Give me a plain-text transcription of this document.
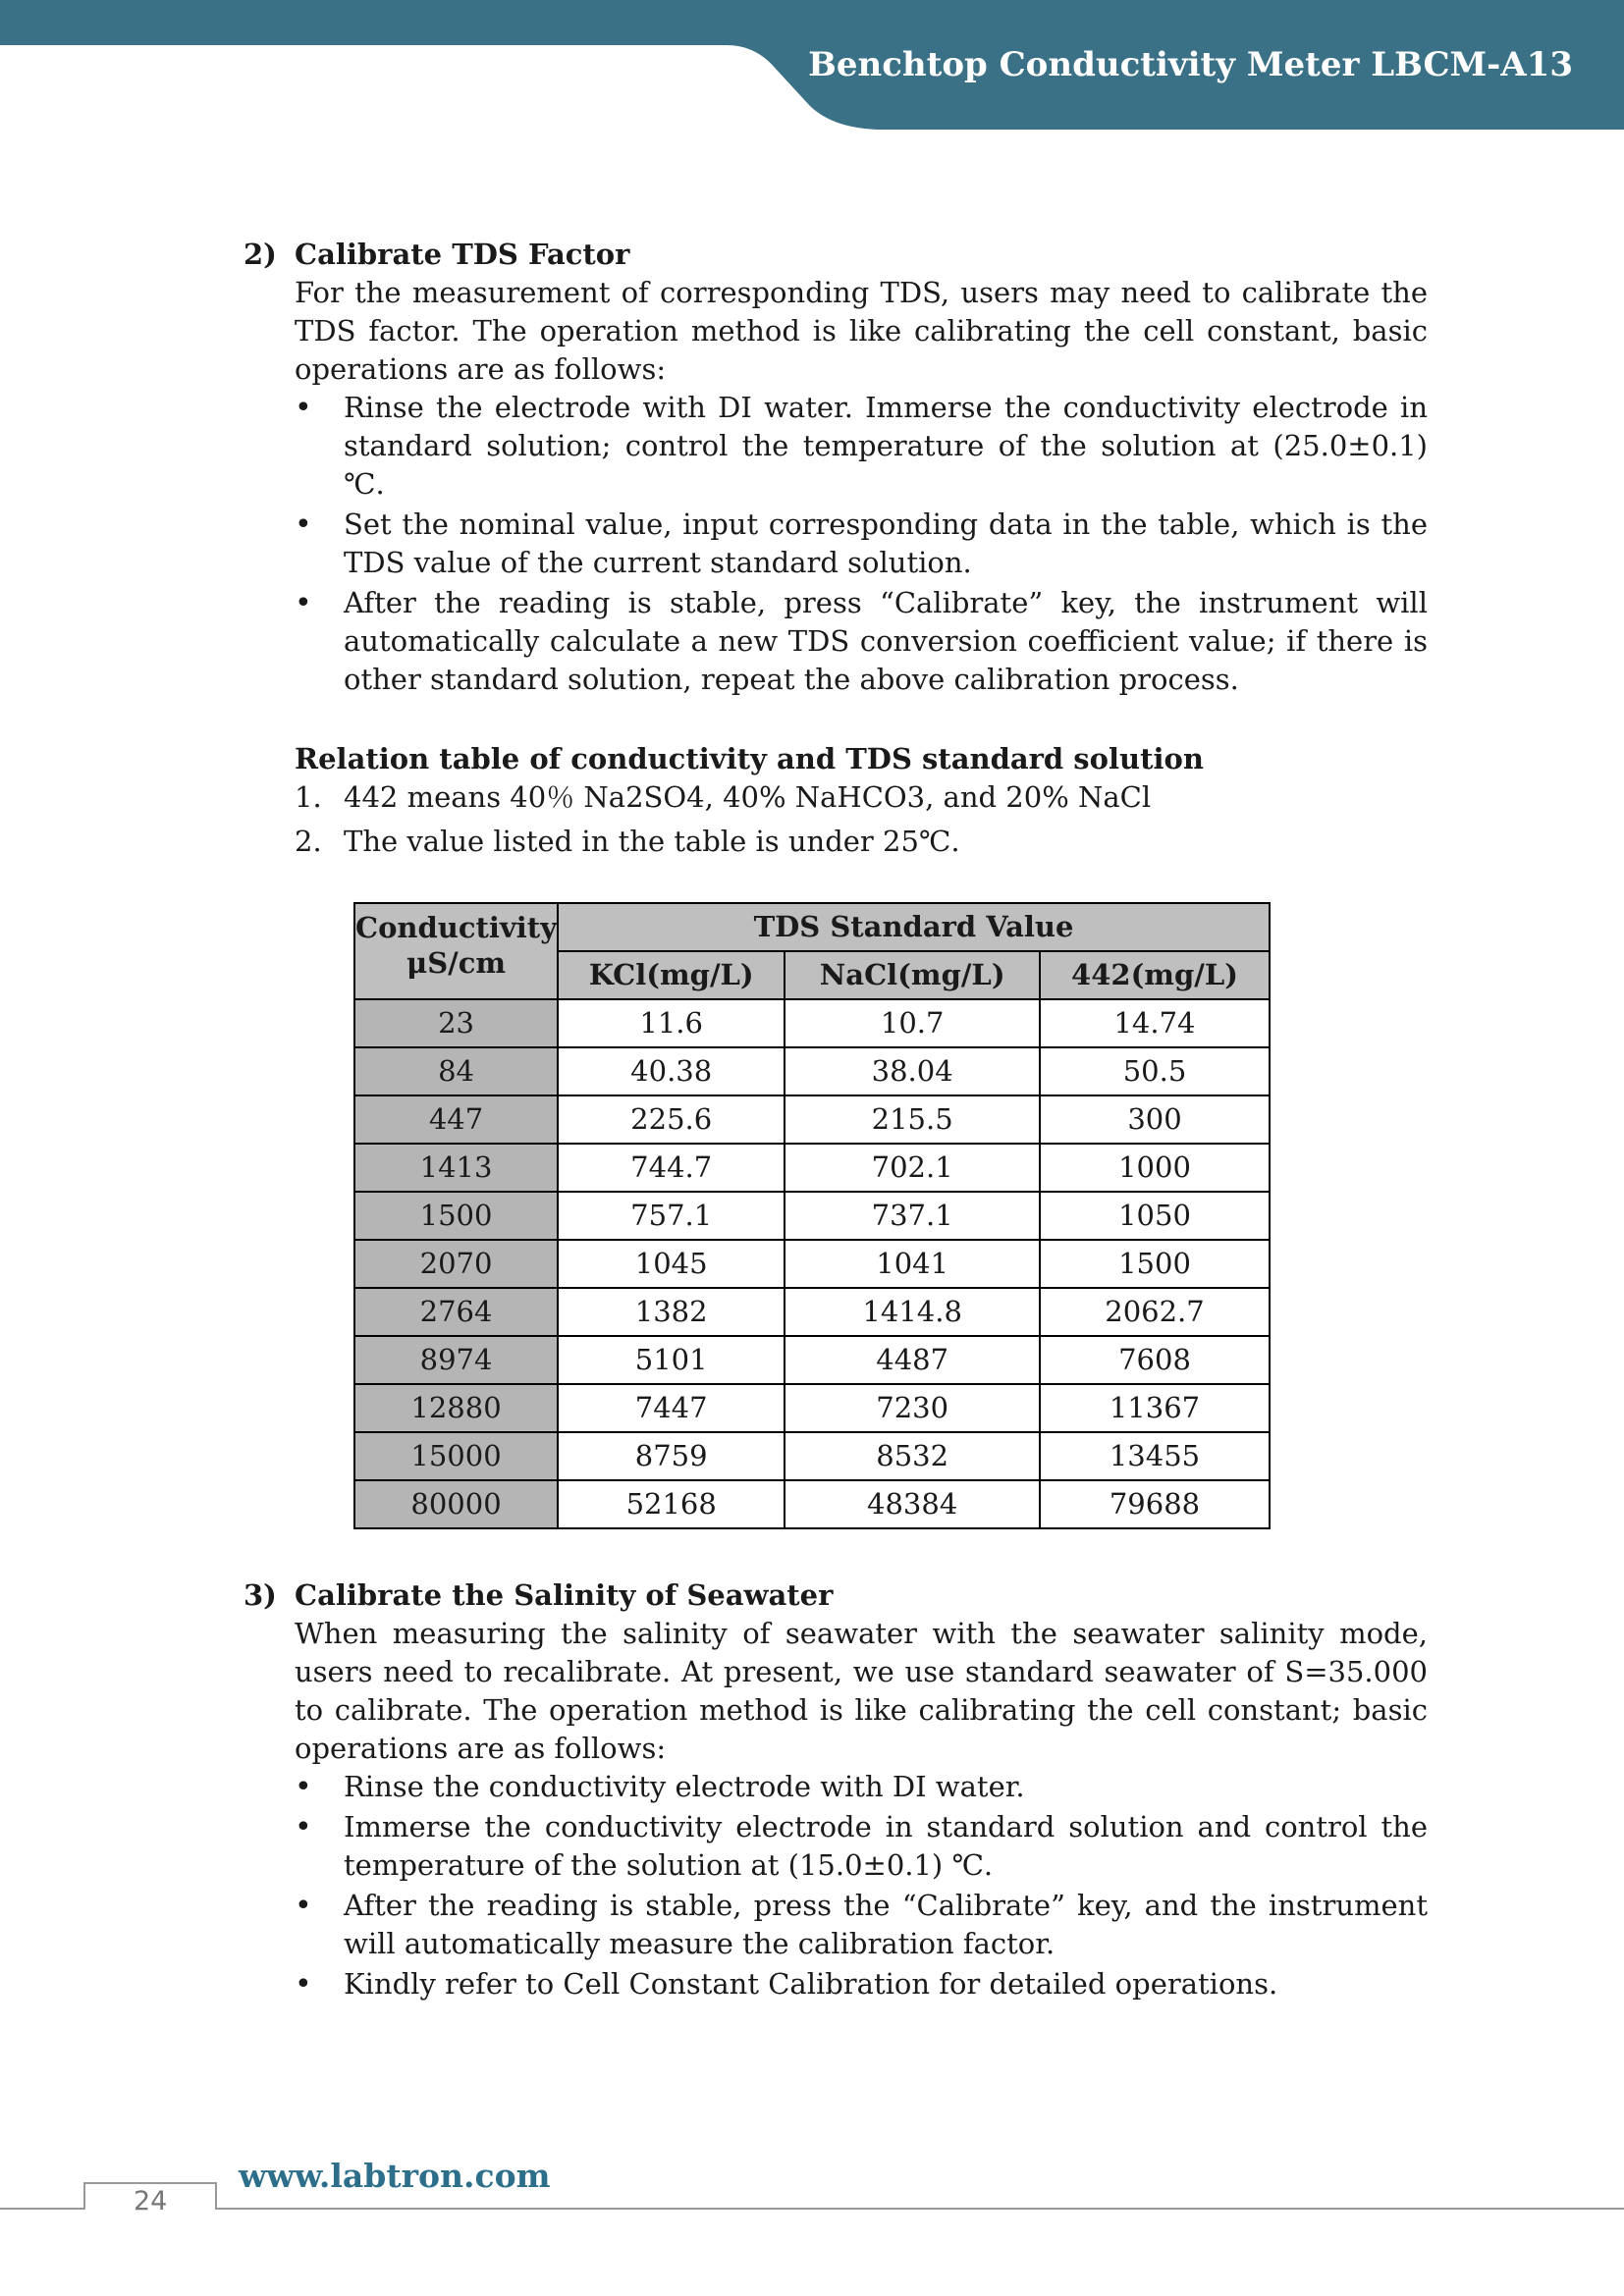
Benchtop Conductivity Meter LBCM-A13
2) Calibrate TDS Factor
For the measurement of corresponding TDS, users may need to calibrate the TDS factor. The operation method is like calibrating the cell constant, basic operations are as follows:
• Rinse the electrode with DI water. Immerse the conductivity electrode in standard solution; control the temperature of the solution at (25.0±0.1) ℃.
• Set the nominal value, input corresponding data in the table, which is the TDS value of the current standard solution.
• After the reading is stable, press “Calibrate” key, the instrument will automatically calculate a new TDS conversion coefficient value; if there is other standard solution, repeat the above calibration process.
Relation table of conductivity and TDS standard solution
1. 442 means 40％ Na2SO4, 40% NaHCO3, and 20% NaCl
2. The value listed in the table is under 25℃.
Conductivity
μS/cm	TDS Standard Value		
	KCl(mg/L)	NaCl(mg/L)	442(mg/L)
23	11.6	10.7	14.74
84	40.38	38.04	50.5
447	225.6	215.5	300
1413	744.7	702.1	1000
1500	757.1	737.1	1050
2070	1045	1041	1500
2764	1382	1414.8	2062.7
8974	5101	4487	7608
12880	7447	7230	11367
15000	8759	8532	13455
80000	52168	48384	79688
3) Calibrate the Salinity of Seawater
When measuring the salinity of seawater with the seawater salinity mode, users need to recalibrate. At present, we use standard seawater of S=35.000 to calibrate. The operation method is like calibrating the cell constant; basic operations are as follows:
• Rinse the conductivity electrode with DI water.
• Immerse the conductivity electrode in standard solution and control the temperature of the solution at (15.0±0.1) ℃.
• After the reading is stable, press the “Calibrate” key, and the instrument will automatically measure the calibration factor.
• Kindly refer to Cell Constant Calibration for detailed operations.
24
www.labtron.com
